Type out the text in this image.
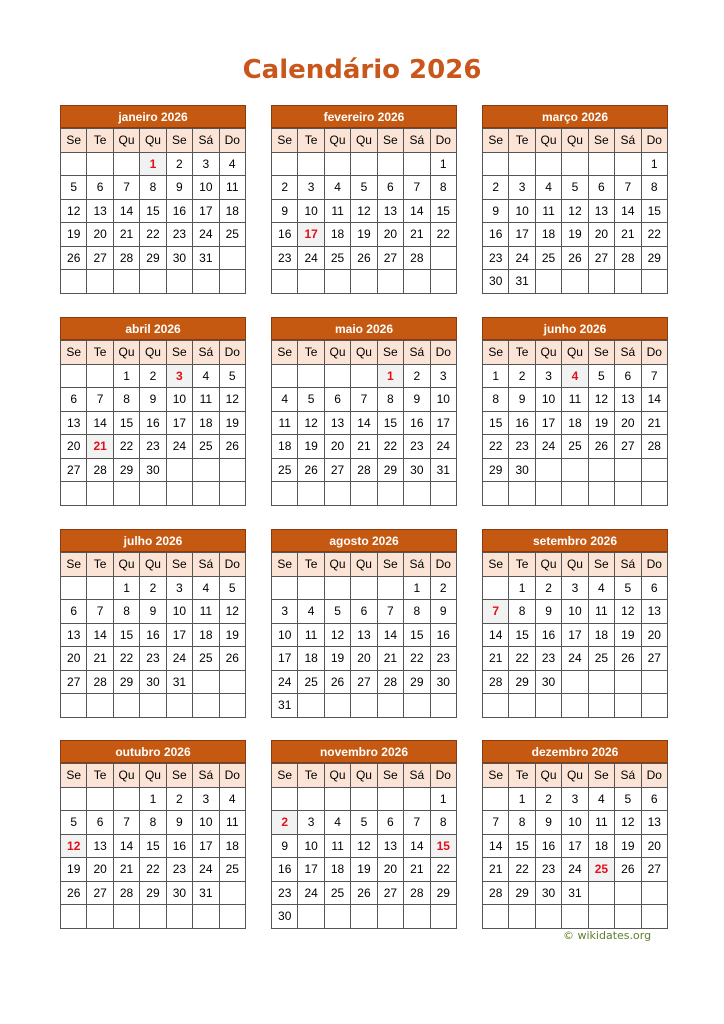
Calendário 2026
janeiro 2026
Se	Te	Qu	Qu	Se	Sá	Do
			1	2	3	4
5	6	7	8	9	10	11
12	13	14	15	16	17	18
19	20	21	22	23	24	25
26	27	28	29	30	31	

fevereiro 2026
Se	Te	Qu	Qu	Se	Sá	Do
						1
2	3	4	5	6	7	8
9	10	11	12	13	14	15
16	17	18	19	20	21	22
23	24	25	26	27	28	

março 2026
Se	Te	Qu	Qu	Se	Sá	Do
						1
2	3	4	5	6	7	8
9	10	11	12	13	14	15
16	17	18	19	20	21	22
23	24	25	26	27	28	29
30	31					
abril 2026
Se	Te	Qu	Qu	Se	Sá	Do
		1	2	3	4	5
6	7	8	9	10	11	12
13	14	15	16	17	18	19
20	21	22	23	24	25	26
27	28	29	30			

maio 2026
Se	Te	Qu	Qu	Se	Sá	Do
				1	2	3
4	5	6	7	8	9	10
11	12	13	14	15	16	17
18	19	20	21	22	23	24
25	26	27	28	29	30	31

junho 2026
Se	Te	Qu	Qu	Se	Sá	Do
1	2	3	4	5	6	7
8	9	10	11	12	13	14
15	16	17	18	19	20	21
22	23	24	25	26	27	28
29	30					

julho 2026
Se	Te	Qu	Qu	Se	Sá	Do
		1	2	3	4	5
6	7	8	9	10	11	12
13	14	15	16	17	18	19
20	21	22	23	24	25	26
27	28	29	30	31		

agosto 2026
Se	Te	Qu	Qu	Se	Sá	Do
					1	2
3	4	5	6	7	8	9
10	11	12	13	14	15	16
17	18	19	20	21	22	23
24	25	26	27	28	29	30
31						
setembro 2026
Se	Te	Qu	Qu	Se	Sá	Do
	1	2	3	4	5	6
7	8	9	10	11	12	13
14	15	16	17	18	19	20
21	22	23	24	25	26	27
28	29	30				

outubro 2026
Se	Te	Qu	Qu	Se	Sá	Do
			1	2	3	4
5	6	7	8	9	10	11
12	13	14	15	16	17	18
19	20	21	22	23	24	25
26	27	28	29	30	31	

novembro 2026
Se	Te	Qu	Qu	Se	Sá	Do
						1
2	3	4	5	6	7	8
9	10	11	12	13	14	15
16	17	18	19	20	21	22
23	24	25	26	27	28	29
30						
dezembro 2026
Se	Te	Qu	Qu	Se	Sá	Do
	1	2	3	4	5	6
7	8	9	10	11	12	13
14	15	16	17	18	19	20
21	22	23	24	25	26	27
28	29	30	31			

© wikidates.org
